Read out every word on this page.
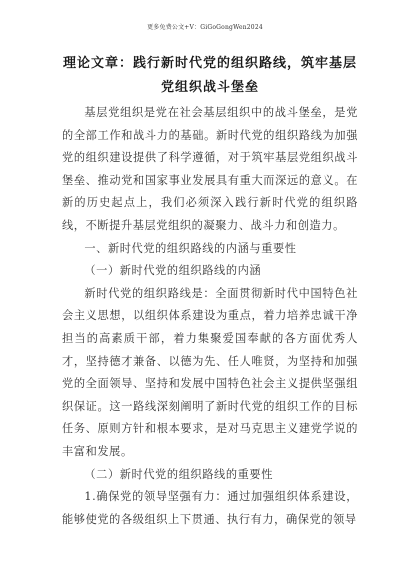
更多免费公文+V：GiGoGongWen2024
理论文章：践行新时代党的组织路线，筑牢基层党组织战斗堡垒

基层党组织是党在社会基层组织中的战斗堡垒，是党的全部工作和战斗力的基础。新时代党的组织路线为加强党的组织建设提供了科学遵循，对于筑牢基层党组织战斗堡垒、推动党和国家事业发展具有重大而深远的意义。在新的历史起点上，我们必须深入践行新时代党的组织路线，不断提升基层党组织的凝聚力、战斗力和创造力。

一、新时代党的组织路线的内涵与重要性

（一）新时代党的组织路线的内涵

新时代党的组织路线是：全面贯彻新时代中国特色社会主义思想，以组织体系建设为重点，着力培养忠诚干净担当的高素质干部，着力集聚爱国奉献的各方面优秀人才，坚持德才兼备、以德为先、任人唯贤，为坚持和加强党的全面领导、坚持和发展中国特色社会主义提供坚强组织保证。这一路线深刻阐明了新时代党的组织工作的目标任务、原则方针和根本要求，是对马克思主义建党学说的丰富和发展。

（二）新时代党的组织路线的重要性

1.确保党的领导坚强有力：通过加强组织体系建设，能够使党的各级组织上下贯通、执行有力，确保党的领导
